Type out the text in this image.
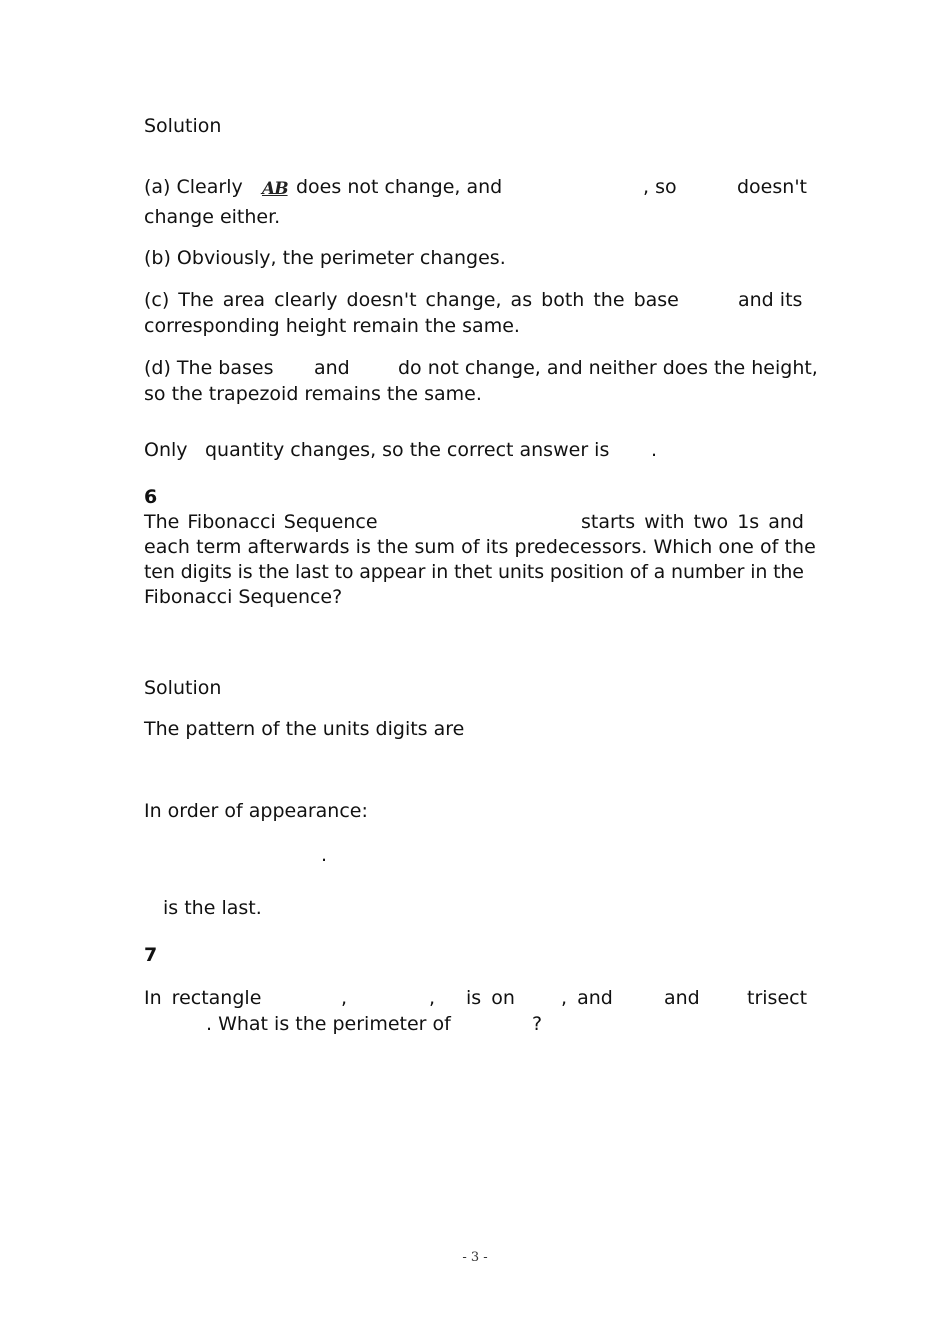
Solution
(a) Clearly AB does not change, and	, so	doesn't
change either.
(b) Obviously, the perimeter changes.
(c) The area clearly doesn't change, as both the base	and its
corresponding height remain the same.
(d) The bases and	do not change, and neither does the height,
so the trapezoid remains the same.
Only quantity changes, so the correct answer is .
6
The Fibonacci Sequence	starts with two 1s and
each term afterwards is the sum of its predecessors. Which one of the
ten digits is the last to appear in thet units position of a number in the
Fibonacci Sequence?
Solution
The pattern of the units digits are
In order of appearance:
.
is the last.
7
In rectangle	,	, is on , and	and trisect
. What is the perimeter of	?
- 3 -
